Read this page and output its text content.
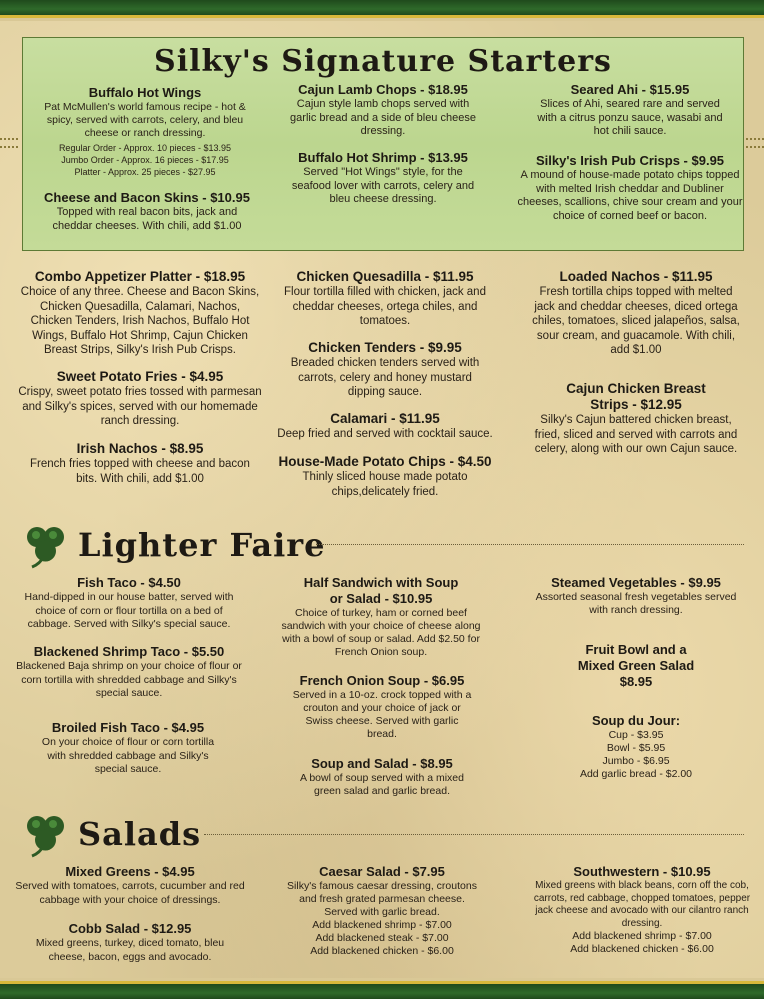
Silky's Signature Starters
Buffalo Hot Wings
Pat McMullen's world famous recipe - hot & spicy, served with carrots, celery, and bleu cheese or ranch dressing.
Regular Order - Approx. 10 pieces - $13.95
Jumbo Order - Approx. 16 pieces - $17.95
Platter - Approx. 25 pieces - $27.95
Cheese and Bacon Skins - $10.95
Topped with real bacon bits, jack and cheddar cheeses. With chili, add $1.00
Cajun Lamb Chops - $18.95
Cajun style lamb chops served with garlic bread and a side of bleu cheese dressing.
Buffalo Hot Shrimp - $13.95
Served "Hot Wings" style, for the seafood lover with carrots, celery and bleu cheese dressing.
Seared Ahi - $15.95
Slices of Ahi, seared rare and served with a citrus ponzu sauce, wasabi and hot chili sauce.
Silky's Irish Pub Crisps - $9.95
A mound of house-made potato chips topped with melted Irish cheddar and Dubliner cheeses, scallions, chive sour cream and your choice of corned beef or bacon.
Combo Appetizer Platter - $18.95
Choice of any three. Cheese and Bacon Skins, Chicken Quesadilla, Calamari, Nachos, Chicken Tenders, Irish Nachos, Buffalo Hot Wings, Buffalo Hot Shrimp, Cajun Chicken Breast Strips, Silky's Irish Pub Crisps.
Sweet Potato Fries - $4.95
Crispy, sweet potato fries tossed with parmesan and Silky's spices, served with our homemade ranch dressing.
Irish Nachos - $8.95
French fries topped with cheese and bacon bits. With chili, add $1.00
Chicken Quesadilla - $11.95
Flour tortilla filled with chicken, jack and cheddar cheeses, ortega chiles, and tomatoes.
Chicken Tenders - $9.95
Breaded chicken tenders served with carrots, celery and honey mustard dipping sauce.
Calamari - $11.95
Deep fried and served with cocktail sauce.
House-Made Potato Chips - $4.50
Thinly sliced house made potato chips,delicately fried.
Loaded Nachos - $11.95
Fresh tortilla chips topped with melted jack and cheddar cheeses, diced ortega chiles, tomatoes, sliced jalapeños, salsa, sour cream, and guacamole. With chili, add $1.00
Cajun Chicken Breast Strips - $12.95
Silky's Cajun battered chicken breast, fried, sliced and served with carrots and celery, along with our own Cajun sauce.
Lighter Faire
Fish Taco - $4.50
Hand-dipped in our house batter, served with choice of corn or flour tortilla on a bed of cabbage. Served with Silky's special sauce.
Blackened Shrimp Taco - $5.50
Blackened Baja shrimp on your choice of flour or corn tortilla with shredded cabbage and Silky's special sauce.
Broiled Fish Taco - $4.95
On your choice of flour or corn tortilla with shredded cabbage and Silky's special sauce.
Half Sandwich with Soup or Salad - $10.95
Choice of turkey, ham or corned beef sandwich with your choice of cheese along with a bowl of soup or salad. Add $2.50 for French Onion soup.
French Onion Soup - $6.95
Served in a 10-oz. crock topped with a crouton and your choice of jack or Swiss cheese. Served with garlic bread.
Soup and Salad - $8.95
A bowl of soup served with a mixed green salad and garlic bread.
Steamed Vegetables - $9.95
Assorted seasonal fresh vegetables served with ranch dressing.
Fruit Bowl and a Mixed Green Salad $8.95
Soup du Jour:
Cup - $3.95
Bowl - $5.95
Jumbo - $6.95
Add garlic bread - $2.00
Salads
Mixed Greens - $4.95
Served with tomatoes, carrots, cucumber and red cabbage with your choice of dressings.
Cobb Salad - $12.95
Mixed greens, turkey, diced tomato, bleu cheese, bacon, eggs and avocado.
Caesar Salad - $7.95
Silky's famous caesar dressing, croutons and fresh grated parmesan cheese. Served with garlic bread.
Add blackened shrimp - $7.00
Add blackened steak - $7.00
Add blackened chicken - $6.00
Southwestern - $10.95
Mixed greens with black beans, corn off the cob, carrots, red cabbage, chopped tomatoes, pepper jack cheese and avocado with our cilantro ranch dressing.
Add blackened shrimp - $7.00
Add blackened chicken - $6.00
